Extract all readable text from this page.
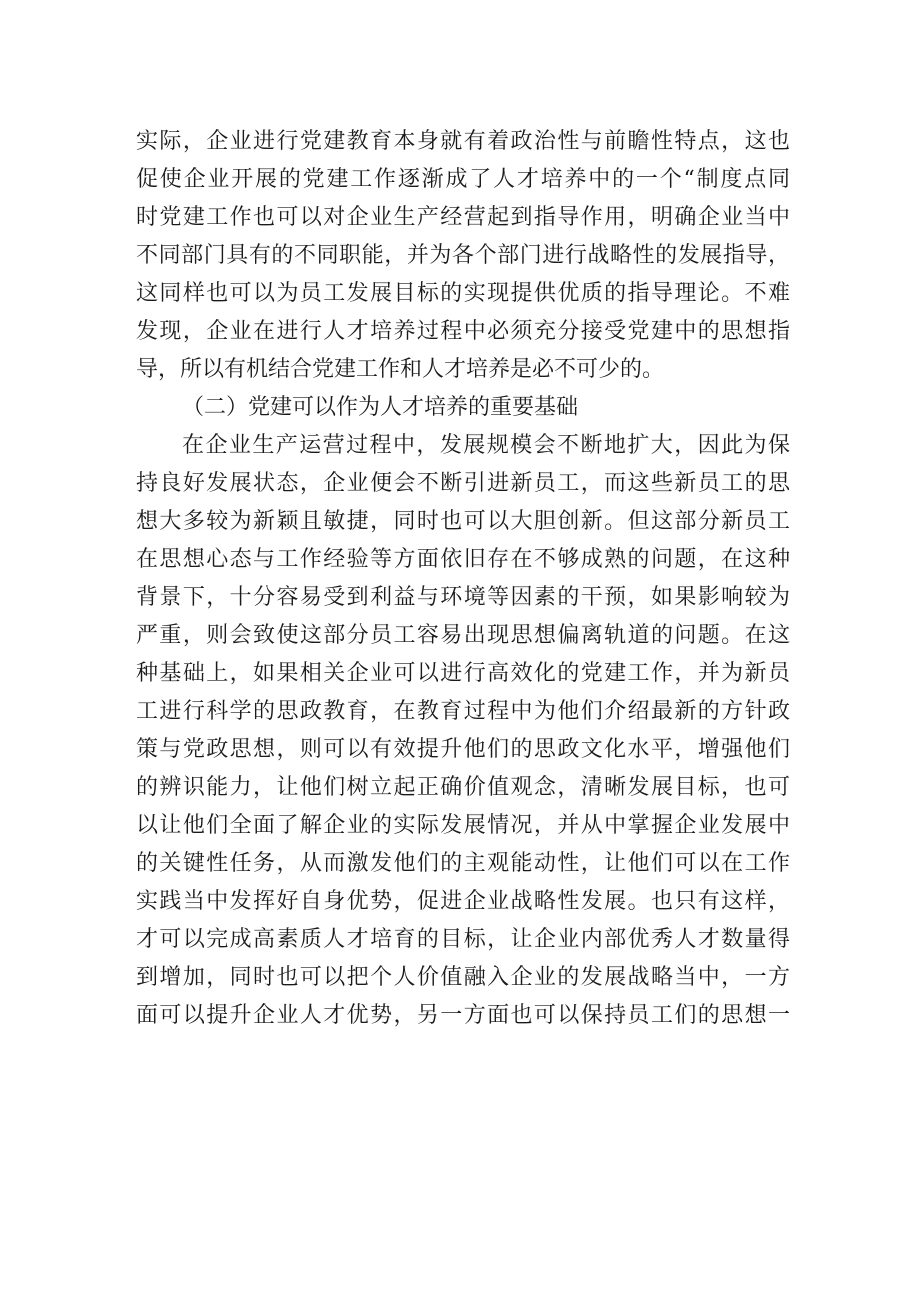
实际，企业进行党建教育本身就有着政治性与前瞻性特点，这也
促使企业开展的党建工作逐渐成了人才培养中的一个“制度点同
时党建工作也可以对企业生产经营起到指导作用，明确企业当中
不同部门具有的不同职能，并为各个部门进行战略性的发展指导，
这同样也可以为员工发展目标的实现提供优质的指导理论。不难
发现，企业在进行人才培养过程中必须充分接受党建中的思想指
导，所以有机结合党建工作和人才培养是必不可少的。
（二）党建可以作为人才培养的重要基础
在企业生产运营过程中，发展规模会不断地扩大，因此为保
持良好发展状态，企业便会不断引进新员工，而这些新员工的思
想大多较为新颖且敏捷，同时也可以大胆创新。但这部分新员工
在思想心态与工作经验等方面依旧存在不够成熟的问题，在这种
背景下，十分容易受到利益与环境等因素的干预，如果影响较为
严重，则会致使这部分员工容易出现思想偏离轨道的问题。在这
种基础上，如果相关企业可以进行高效化的党建工作，并为新员
工进行科学的思政教育，在教育过程中为他们介绍最新的方针政
策与党政思想，则可以有效提升他们的思政文化水平，增强他们
的辨识能力，让他们树立起正确价值观念，清晰发展目标，也可
以让他们全面了解企业的实际发展情况，并从中掌握企业发展中
的关键性任务，从而激发他们的主观能动性，让他们可以在工作
实践当中发挥好自身优势，促进企业战略性发展。也只有这样，
才可以完成高素质人才培育的目标，让企业内部优秀人才数量得
到增加，同时也可以把个人价值融入企业的发展战略当中，一方
面可以提升企业人才优势，另一方面也可以保持员工们的思想一
